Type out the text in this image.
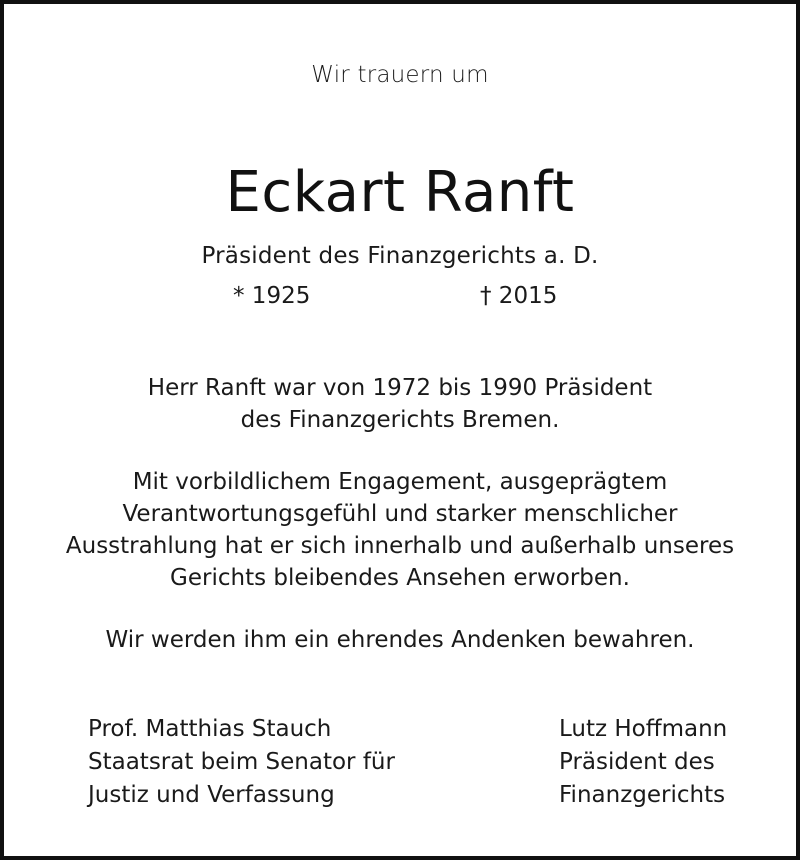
Wir trauern um
Eckart Ranft
Präsident des Finanzgerichts a. D.
* 1925	† 2015
Herr Ranft war von 1972 bis 1990 Präsident
des Finanzgerichts Bremen.
Mit vorbildlichem Engagement, ausgeprägtem
Verantwortungsgefühl und starker menschlicher
Ausstrahlung hat er sich innerhalb und außerhalb unseres
Gerichts bleibendes Ansehen erworben.
Wir werden ihm ein ehrendes Andenken bewahren.
Prof. Matthias Stauch
Staatsrat beim Senator für
Justiz und Verfassung
Lutz Hoffmann
Präsident des
Finanzgerichts
